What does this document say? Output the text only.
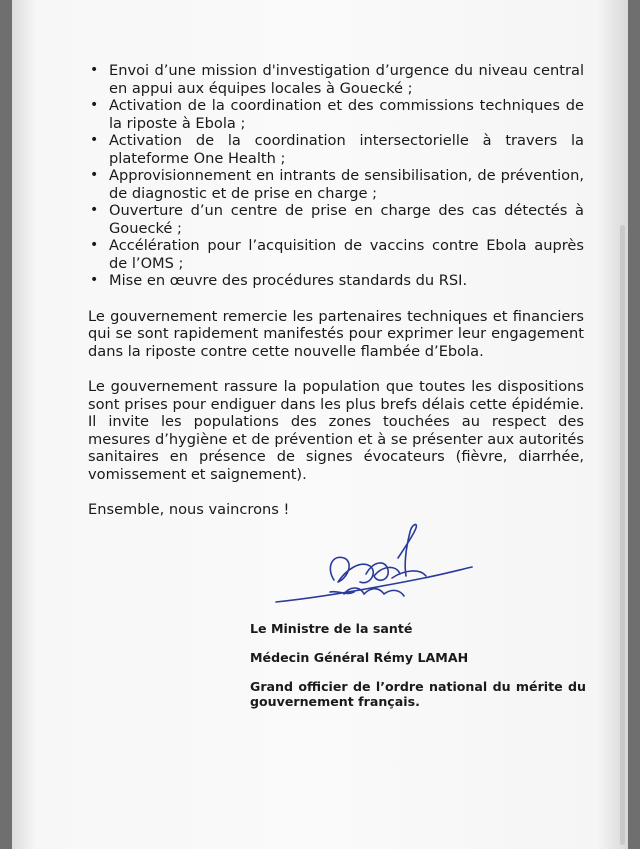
• Envoi d’une mission d'investigation d’urgence du niveau central en appui aux équipes locales à Gouecké ;
• Activation de la coordination et des commissions techniques de la riposte à Ebola ;
• Activation de la coordination intersectorielle à travers la plateforme One Health ;
• Approvisionnement en intrants de sensibilisation, de prévention, de diagnostic et de prise en charge ;
• Ouverture d’un centre de prise en charge des cas détectés à Gouecké ;
• Accélération pour l’acquisition de vaccins contre Ebola auprès de l’OMS ;
• Mise en œuvre des procédures standards du RSI.

Le gouvernement remercie les partenaires techniques et financiers qui se sont rapidement manifestés pour exprimer leur engagement dans la riposte contre cette nouvelle flambée d’Ebola.

Le gouvernement rassure la population que toutes les dispositions sont prises pour endiguer dans les plus brefs délais cette épidémie. Il invite les populations des zones touchées au respect des mesures d’hygiène et de prévention et à se présenter aux autorités sanitaires en présence de signes évocateurs (fièvre, diarrhée, vomissement et saignement).

Ensemble, nous vaincrons !

Le Ministre de la santé

Médecin Général Rémy LAMAH

Grand officier de l’ordre national du mérite du gouvernement français.
